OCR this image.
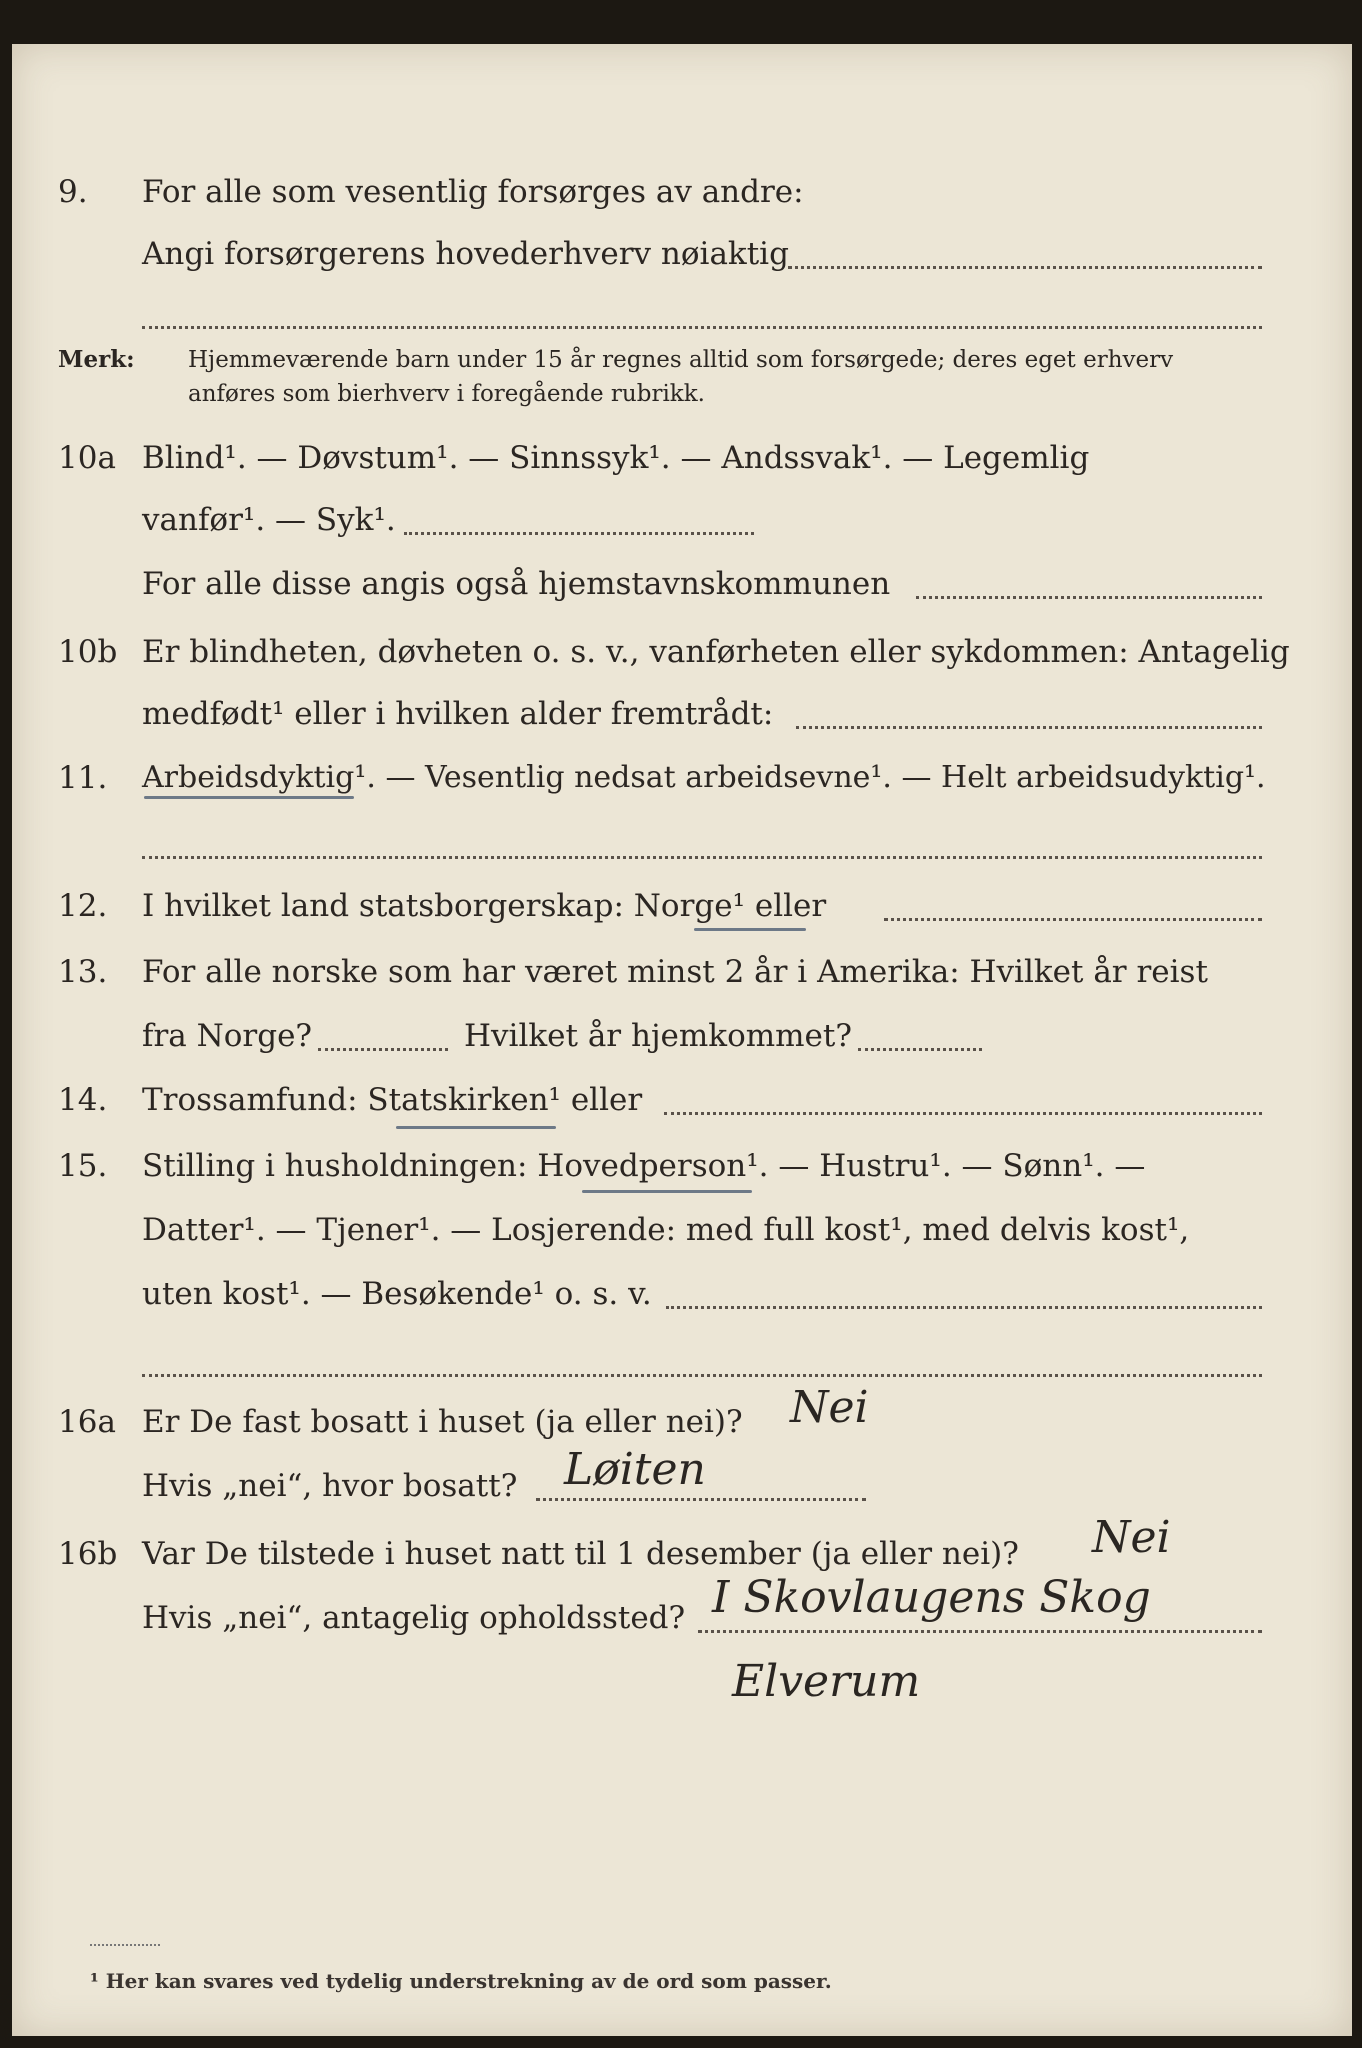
9. For alle som vesentlig forsørges av andre:
Angi forsørgerens hovederhverv nøiaktig
Merk: Hjemmeværende barn under 15 år regnes alltid som forsørgede; deres eget erhverv
anføres som bierhverv i foregående rubrikk.
10a Blind¹. — Døvstum¹. — Sinnssyk¹. — Andssvak¹. — Legemlig
vanfør¹. — Syk¹.
For alle disse angis også hjemstavnskommunen
10b Er blindheten, døvheten o. s. v., vanførheten eller sykdommen: Antagelig
medfødt¹ eller i hvilken alder fremtrådt:
11. Arbeidsdyktig¹. — Vesentlig nedsat arbeidsevne¹. — Helt arbeidsudyktig¹.
12. I hvilket land statsborgerskap: Norge¹ eller
13. For alle norske som har været minst 2 år i Amerika: Hvilket år reist
fra Norge?	Hvilket år hjemkommet?
14. Trossamfund: Statskirken¹ eller
15. Stilling i husholdningen: Hovedperson¹. — Hustru¹. — Sønn¹. —
Datter¹. — Tjener¹. — Losjerende: med full kost¹, med delvis kost¹,
uten kost¹. — Besøkende¹ o. s. v.
16a Er De fast bosatt i huset (ja eller nei)? Nei
Hvis „nei“, hvor bosatt? Løiten
16b Var De tilstede i huset natt til 1 desember (ja eller nei)? Nei
Hvis „nei“, antagelig opholdssted? I Skovlaugens Skog
Elverum
¹ Her kan svares ved tydelig understrekning av de ord som passer.
